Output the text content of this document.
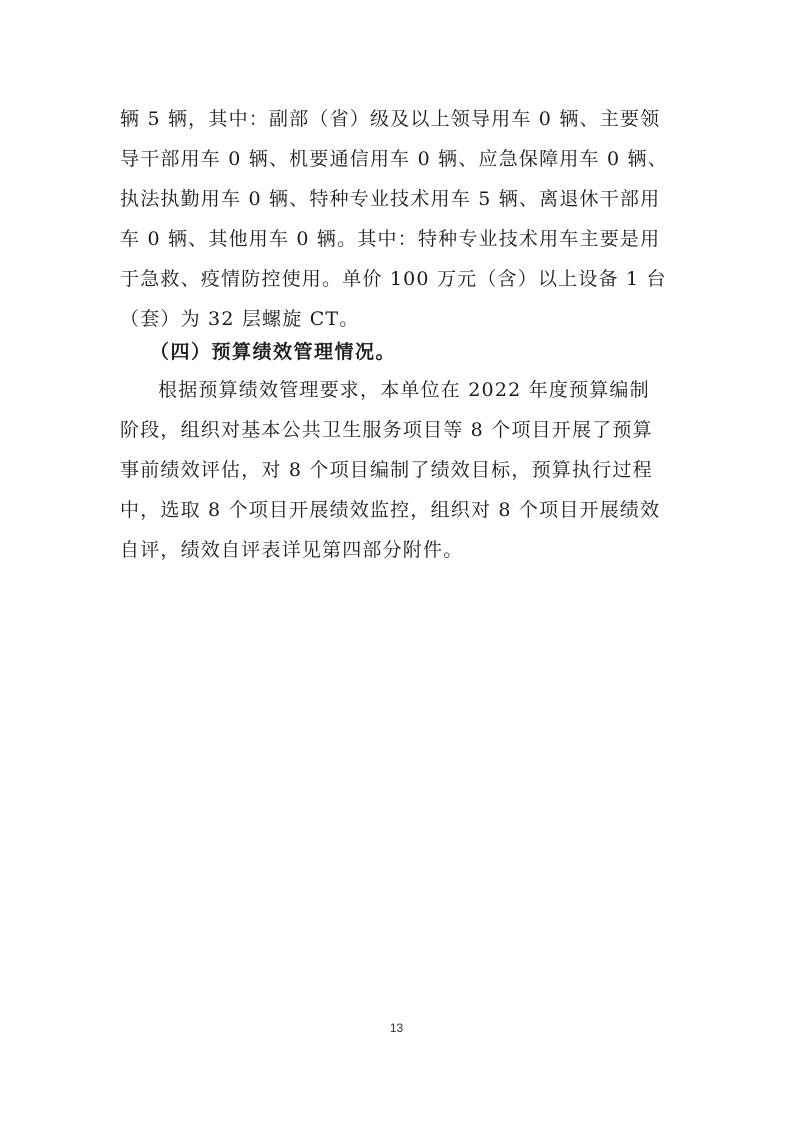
辆 5 辆，其中：副部（省）级及以上领导用车 0 辆、主要领
导干部用车 0 辆、机要通信用车 0 辆、应急保障用车 0 辆、
执法执勤用车 0 辆、特种专业技术用车 5 辆、离退休干部用
车 0 辆、其他用车 0 辆。其中：特种专业技术用车主要是用
于急救、疫情防控使用。单价 100 万元（含）以上设备 1 台
（套）为 32 层螺旋 CT。
（四）预算绩效管理情况。
根据预算绩效管理要求，本单位在 2022 年度预算编制
阶段，组织对基本公共卫生服务项目等 8 个项目开展了预算
事前绩效评估，对 8 个项目编制了绩效目标，预算执行过程
中，选取 8 个项目开展绩效监控，组织对 8 个项目开展绩效
自评，绩效自评表详见第四部分附件。
13
